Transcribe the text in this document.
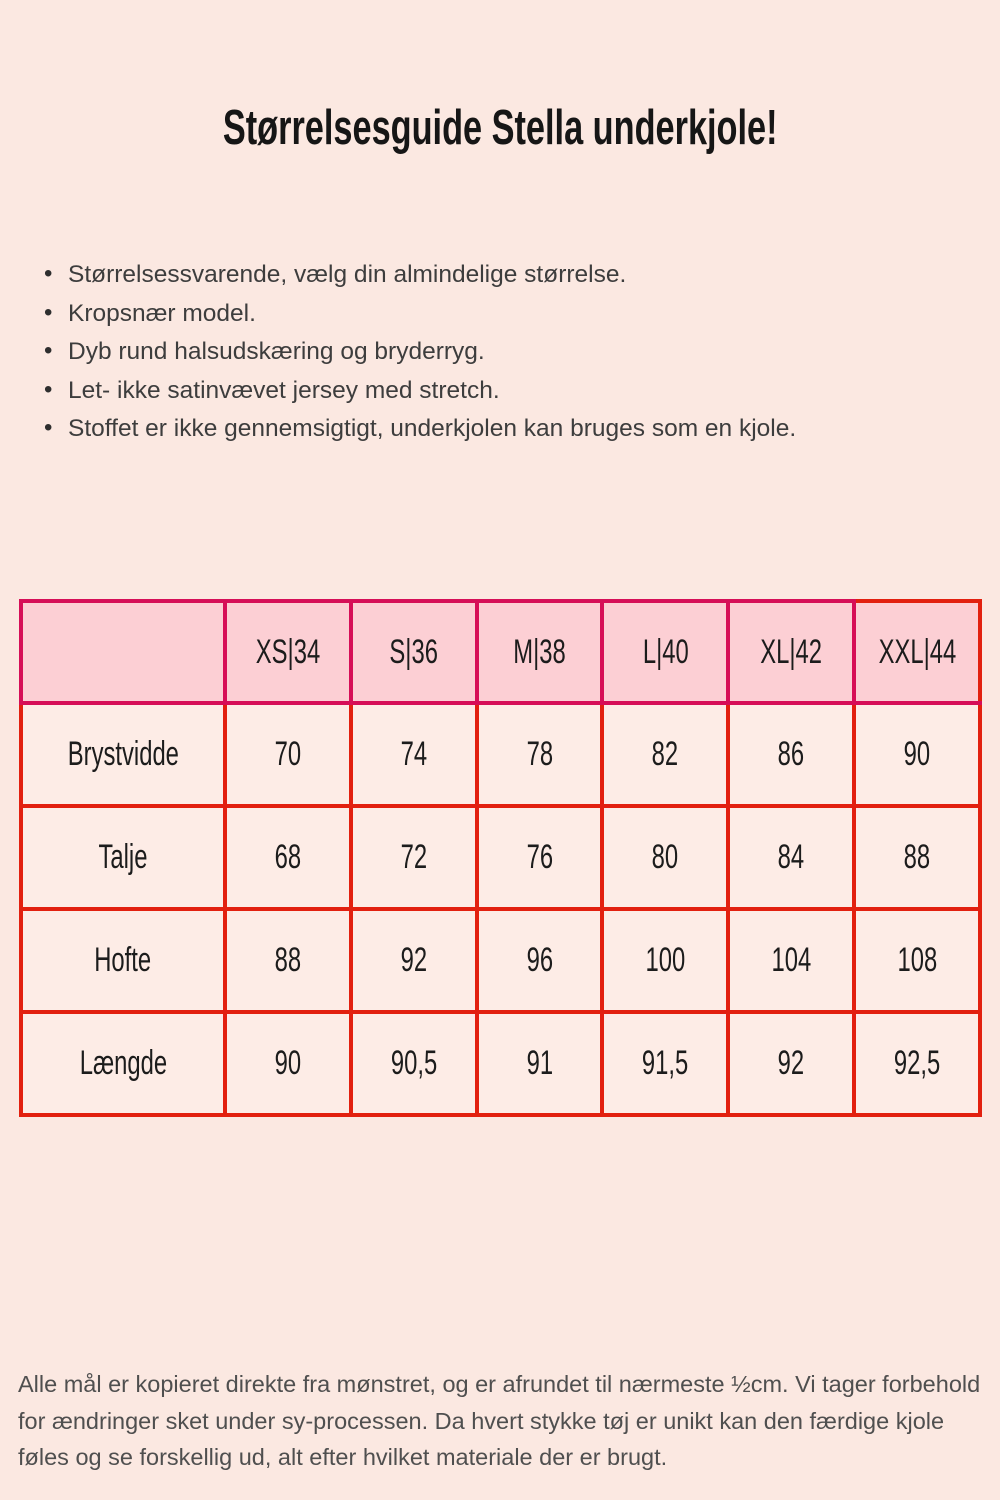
Størrelsesguide Stella underkjole!
• Størrelsessvarende, vælg din almindelige størrelse.
• Kropsnær model.
• Dyb rund halsudskæring og bryderryg.
• Let- ikke satinvævet jersey med stretch.
• Stoffet er ikke gennemsigtigt, underkjolen kan bruges som en kjole.
	XS|34	S|36	M|38	L|40	XL|42	XXL|44
Brystvidde	70	74	78	82	86	90
Talje	68	72	76	80	84	88
Hofte	88	92	96	100	104	108
Længde	90	90,5	91	91,5	92	92,5

Alle mål er kopieret direkte fra mønstret, og er afrundet til nærmeste ½cm. Vi tager forbehold for ændringer sket under sy-processen. Da hvert stykke tøj er unikt kan den færdige kjole føles og se forskellig ud, alt efter hvilket materiale der er brugt.
